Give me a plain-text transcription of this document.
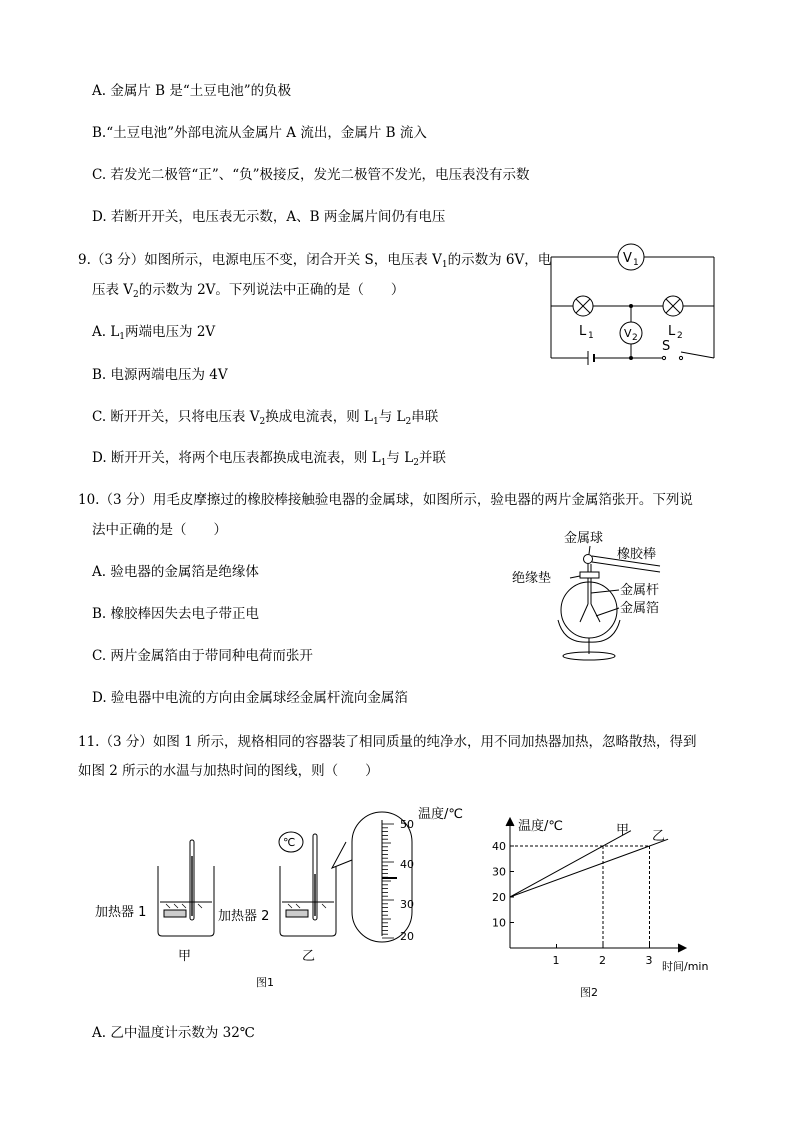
A. 金属片 B 是“土豆电池”的负极
B.“土豆电池”外部电流从金属片 A 流出，金属片 B 流入
C. 若发光二极管“正”、“负”极接反，发光二极管不发光，电压表没有示数
D. 若断开开关，电压表无示数，A、B 两金属片间仍有电压
9.（3 分）如图所示，电源电压不变，闭合开关 S，电压表 $V_1$的示数为 6V，电
压表 $V_2$的示数为 2V。下列说法中正确的是（　　）
A. $L_1$两端电压为 2V
B. 电源两端电压为 4V
C. 断开开关，只将电压表 $V_2$换成电流表，则 $L_1$与 $L_2$串联
D. 断开开关，将两个电压表都换成电流表，则 $L_1$与 $L_2$并联
V 1
L 1	L 2
V 2
S
10.（3 分）用毛皮摩擦过的橡胶棒接触验电器的金属球，如图所示，验电器的两片金属箔张开。下列说
法中正确的是（　　）
A. 验电器的金属箔是绝缘体
B. 橡胶棒因失去电子带正电
C. 两片金属箔由于带同种电荷而张开
D. 验电器中电流的方向由金属球经金属杆流向金属箔
金属球
橡胶棒
绝缘垫
金属杆
金属箔
11.（3 分）如图 1 所示，规格相同的容器装了相同质量的纯净水，用不同加热器加热，忽略散热，得到
如图 2 所示的水温与加热时间的图线，则（　　）
加热器 1	加热器 2
甲	乙
℃
温度/℃
50
40
30
20
图1
10
20
30
40
1	2	3
温度/℃
时间/min
图2
甲 乙
A. 乙中温度计示数为 32℃
